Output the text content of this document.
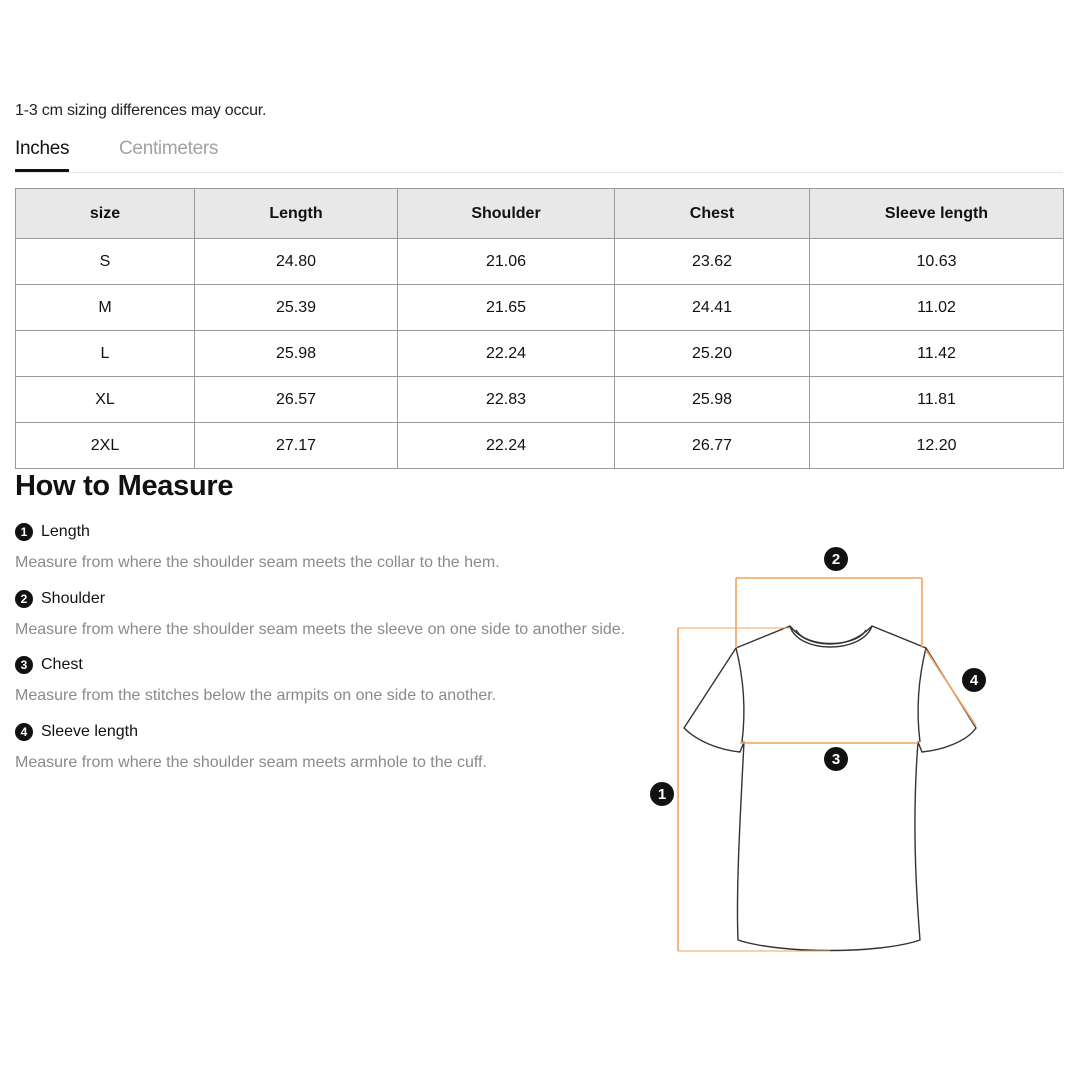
1-3 cm sizing differences may occur.
Inches	Centimeters
size	Length	Shoulder	Chest	Sleeve length
S	24.80	21.06	23.62	10.63
M	25.39	21.65	24.41	11.02
L	25.98	22.24	25.20	11.42
XL	26.57	22.83	25.98	11.81
2XL	27.17	22.24	26.77	12.20
How to Measure
1 Length
Measure from where the shoulder seam meets the collar to the hem.
2 Shoulder
Measure from where the shoulder seam meets the sleeve on one side to another side.
3 Chest
Measure from the stitches below the armpits on one side to another.
4 Sleeve length
Measure from where the shoulder seam meets armhole to the cuff.
1
2
3
4
